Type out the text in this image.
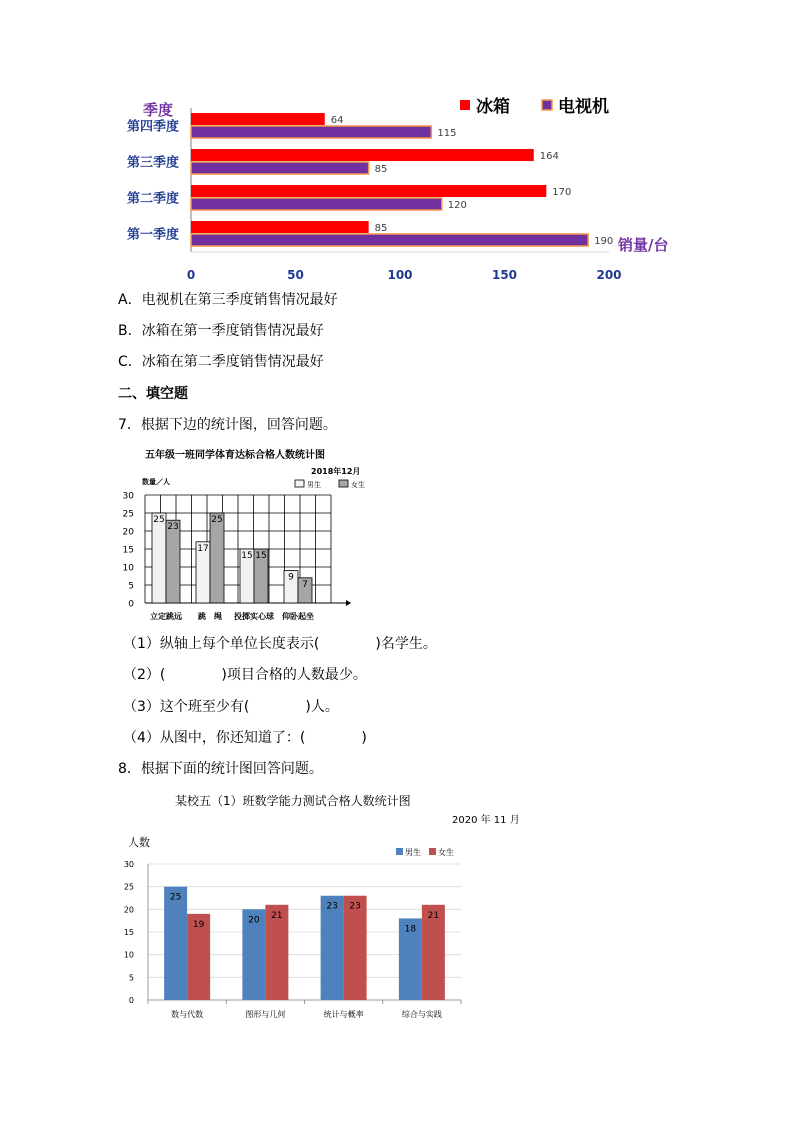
0	50	100	150	200
第四季度	64
115
第三季度	164
85
第二季度	170
120
第一季度	85
190
冰箱	电视机
季度
销量/台
A．电视机在第三季度销售情况最好
B．冰箱在第一季度销售情况最好
C．冰箱在第二季度销售情况最好
二、填空题
7．根据下边的统计图，回答问题。
五年级一班同学体育达标合格人数统计图
2018年12月
男生	女生
数量／人
0
5
10
15
20
25
30
25
23
立定跳远
17
25
跳　绳
15 15
投掷实心球
9
7
仰卧起坐
（1）纵轴上每个单位长度表示(　　　　)名学生。
（2）(　　　　)项目合格的人数最少。
（3）这个班至少有(　　　　)人。
（4）从图中，你还知道了：(　　　　)
8．根据下面的统计图回答问题。
某校五（1）班数学能力测试合格人数统计图
2020 年 11 月
人数
男生 女生
0
5
10
15
20
25
30
25
19
数与代数
20 21
图形与几何
23 23
统计与概率
18
21
综合与实践
